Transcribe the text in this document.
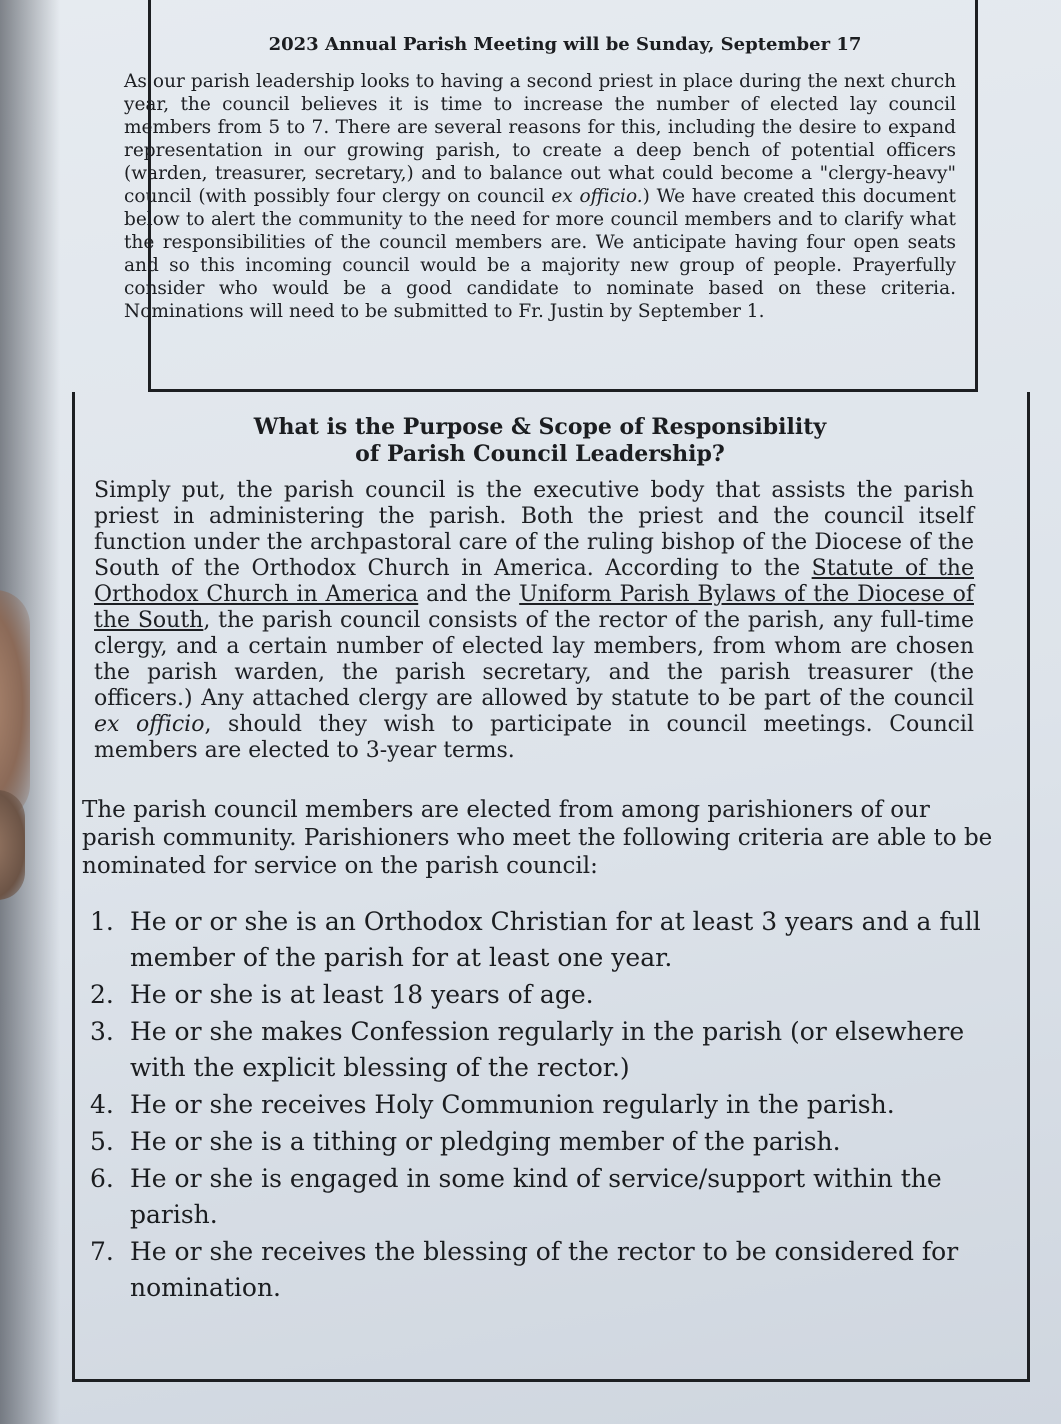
2023 Annual Parish Meeting will be Sunday, September 17

As our parish leadership looks to having a second priest in place during the next church year, the council believes it is time to increase the number of elected lay council members from 5 to 7. There are several reasons for this, including the desire to expand representation in our growing parish, to create a deep bench of potential officers (warden, treasurer, secretary,) and to balance out what could become a "clergy-heavy" council (with possibly four clergy on council ex officio.) We have created this document below to alert the community to the need for more council members and to clarify what the responsibilities of the council members are. We anticipate having four open seats and so this incoming council would be a majority new group of people. Prayerfully consider who would be a good candidate to nominate based on these criteria. Nominations will need to be submitted to Fr. Justin by September 1.

What is the Purpose & Scope of Responsibility
of Parish Council Leadership?

Simply put, the parish council is the executive body that assists the parish priest in administering the parish. Both the priest and the council itself function under the archpastoral care of the ruling bishop of the Diocese of the South of the Orthodox Church in America. According to the Statute of the Orthodox Church in America and the Uniform Parish Bylaws of the Diocese of the South, the parish council consists of the rector of the parish, any full-time clergy, and a certain number of elected lay members, from whom are chosen the parish warden, the parish secretary, and the parish treasurer (the officers.) Any attached clergy are allowed by statute to be part of the council ex officio, should they wish to participate in council meetings. Council members are elected to 3-year terms.

The parish council members are elected from among parishioners of our parish community. Parishioners who meet the following criteria are able to be nominated for service on the parish council:

1. He or or she is an Orthodox Christian for at least 3 years and a full member of the parish for at least one year.
2. He or she is at least 18 years of age.
3. He or she makes Confession regularly in the parish (or elsewhere with the explicit blessing of the rector.)
4. He or she receives Holy Communion regularly in the parish.
5. He or she is a tithing or pledging member of the parish.
6. He or she is engaged in some kind of service/support within the parish.
7. He or she receives the blessing of the rector to be considered for nomination.
